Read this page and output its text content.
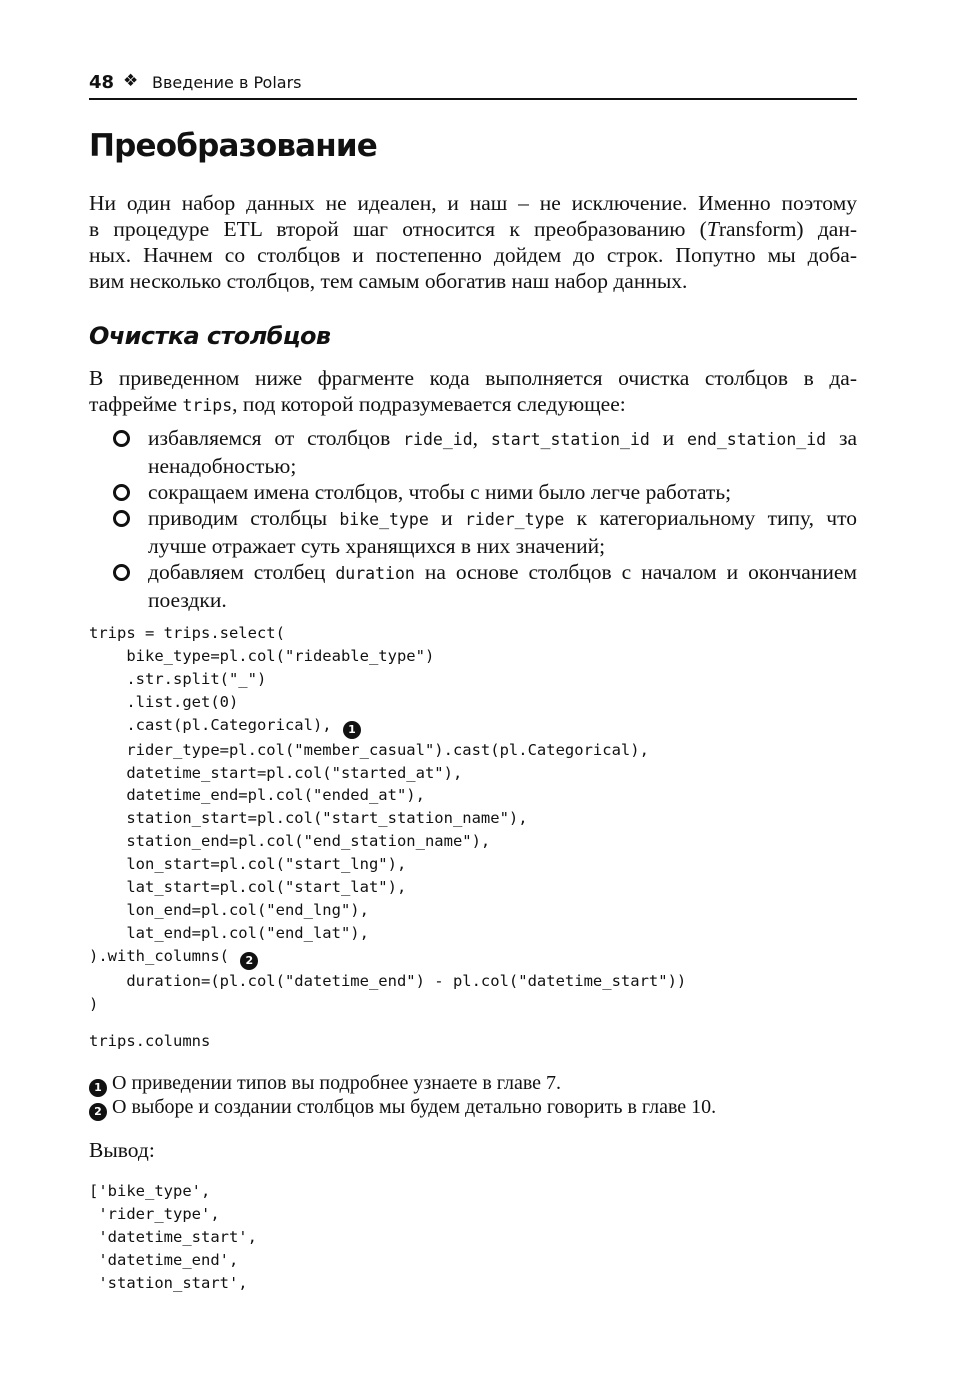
48 ❖ Введение в Polars
Преобразование

Ни один набор данных не идеален, и наш – не исключение. Именно поэтому
в процедуре ETL второй шаг относится к преобразованию (Transform) дан-
ных. Начнем со столбцов и постепенно дойдем до строк. Попутно мы доба-
вим несколько столбцов, тем самым обогатив наш набор данных.

Очистка столбцов

В приведенном ниже фрагменте кода выполняется очистка столбцов в да-
тафрейме trips, под которой подразумевается следующее:

избавляемся от столбцов ride_id, start_station_id и end_station_id за ненадобностью;
сокращаем имена столбцов, чтобы с ними было легче работать;
приводим столбцы bike_type и rider_type к категориальному типу, что лучше отражает суть хранящихся в них значений;
добавляем столбец duration на основе столбцов с началом и окончанием поездки.
trips = trips.select(
bike_type=pl.col("rideable_type")
.str.split("_")
.list.get(0)
.cast(pl.Categorical), 1
rider_type=pl.col("member_casual").cast(pl.Categorical),
datetime_start=pl.col("started_at"),
datetime_end=pl.col("ended_at"),
station_start=pl.col("start_station_name"),
station_end=pl.col("end_station_name"),
lon_start=pl.col("start_lng"),
lat_start=pl.col("start_lat"),
lon_end=pl.col("end_lng"),
lat_end=pl.col("end_lat"),
).with_columns( 2
duration=(pl.col("datetime_end") - pl.col("datetime_start"))
)
trips.columns
1 О приведении типов вы подробнее узнаете в главе 7.
2 О выборе и создании столбцов мы будем детально говорить в главе 10.
Вывод:
['bike_type',
'rider_type',
'datetime_start',
'datetime_end',
'station_start',
